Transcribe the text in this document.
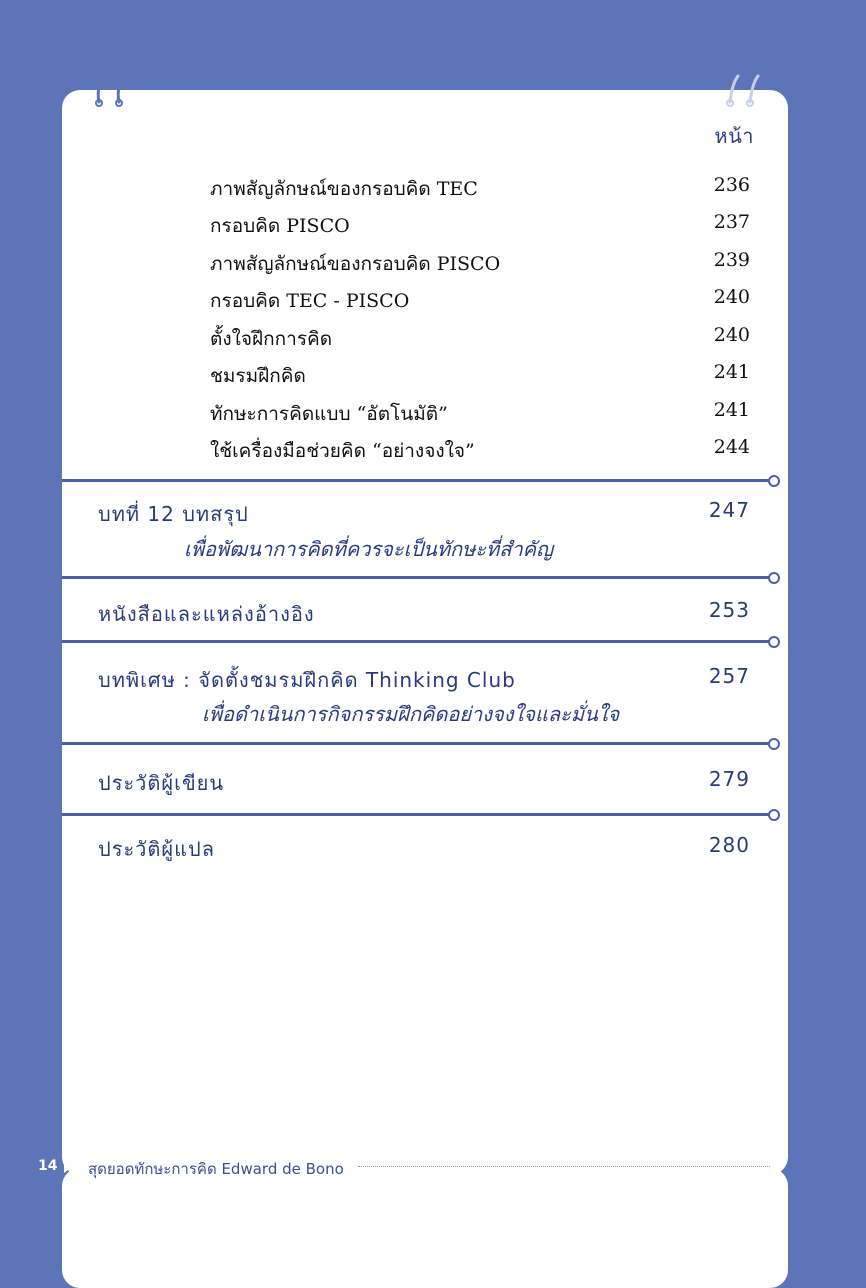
หน้า
ภาพสัญลักษณ์ของกรอบคิด TEC	236
กรอบคิด PISCO	237
ภาพสัญลักษณ์ของกรอบคิด PISCO	239
กรอบคิด TEC - PISCO	240
ตั้งใจฝึกการคิด	240
ชมรมฝึกคิด	241
ทักษะการคิดแบบ “อัตโนมัติ”	241
ใช้เครื่องมือช่วยคิด “อย่างจงใจ”	244
บทที่ 12 บทสรุป	247
เพื่อพัฒนาการคิดที่ควรจะเป็นทักษะที่สำคัญ
หนังสือและแหล่งอ้างอิง	253
บทพิเศษ : จัดตั้งชมรมฝึกคิด Thinking Club	257
เพื่อดำเนินการกิจกรรมฝึกคิดอย่างจงใจและมั่นใจ
ประวัติผู้เขียน	279
ประวัติผู้แปล	280
14 สุดยอดทักษะการคิด Edward de Bono
